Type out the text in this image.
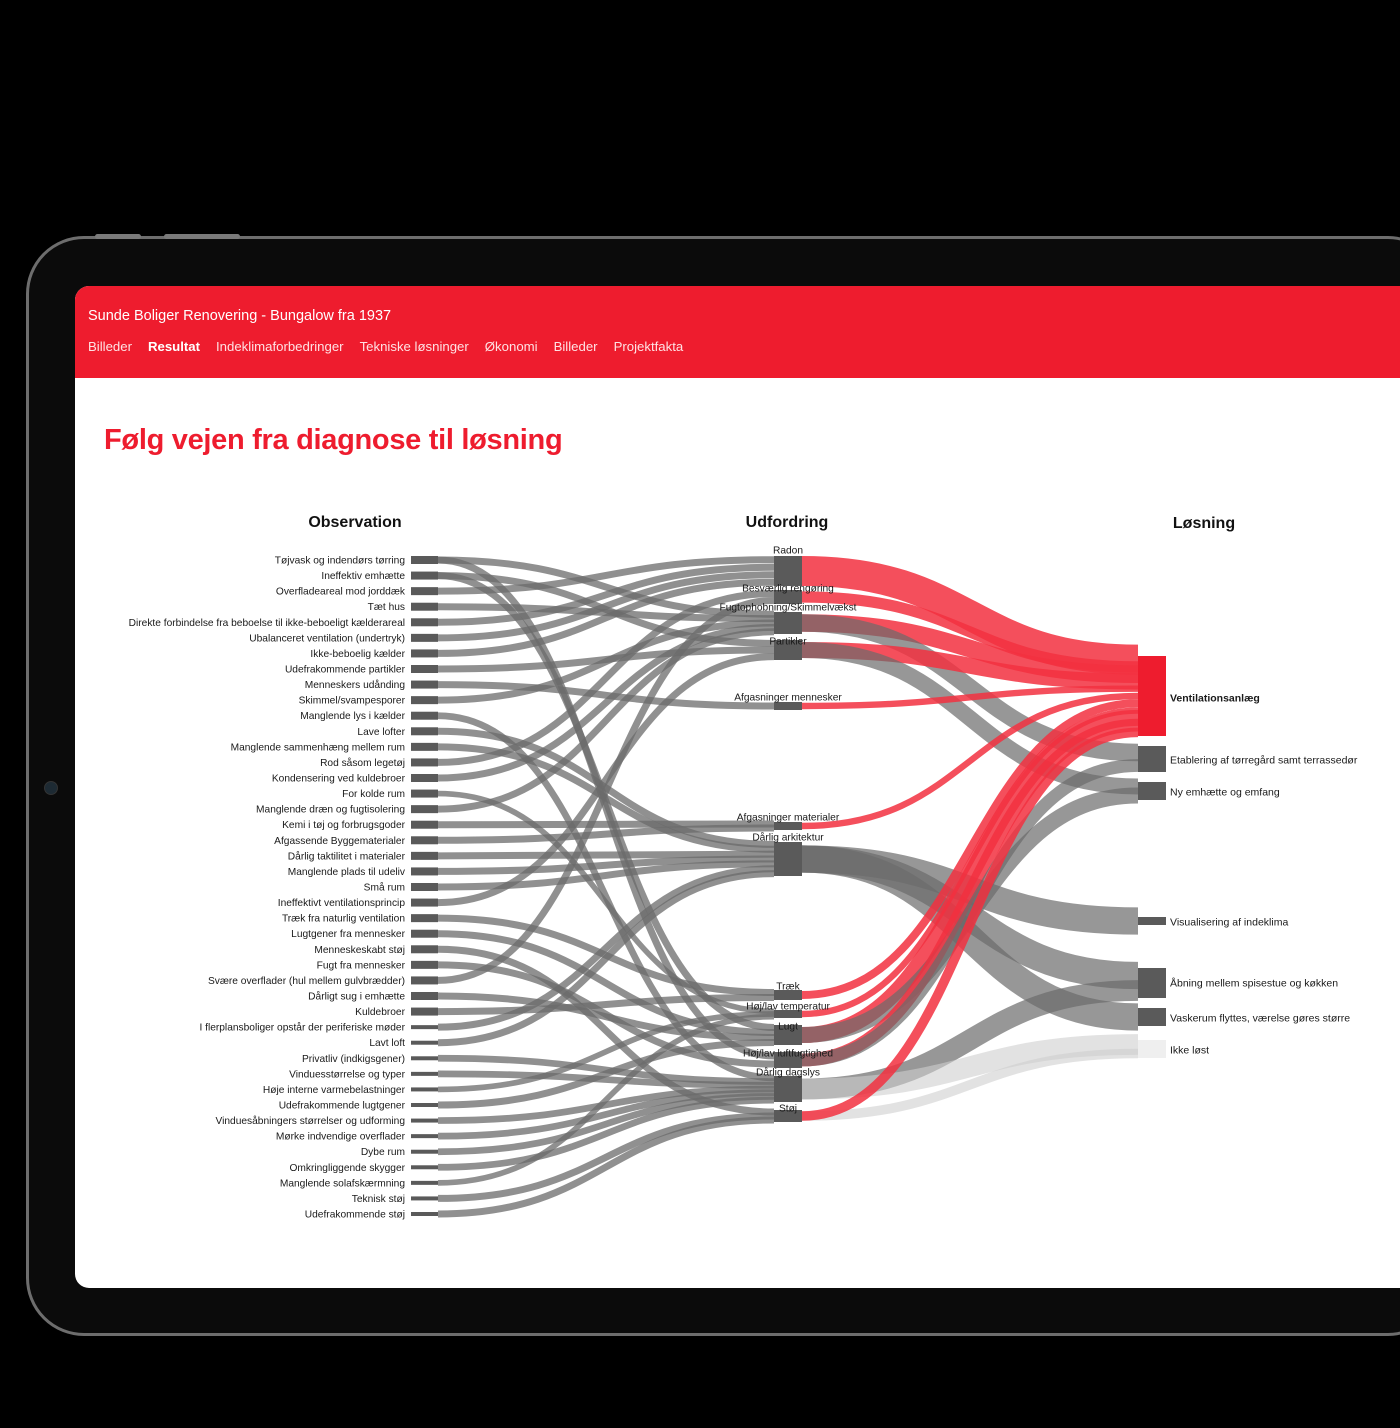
Sunde Boliger Renovering - Bungalow fra 1937
Billeder Resultat Indeklimaforbedringer Tekniske løsninger Økonomi Billeder Projektfakta
Følg vejen fra diagnose til løsning
Tøjvask og indendørs tørring
Ineffektiv emhætte
Overfladeareal mod jorddæk
Tæt hus
Direkte forbindelse fra beboelse til ikke-beboeligt kælderareal
Ubalanceret ventilation (undertryk)
Ikke-beboelig kælder
Udefrakommende partikler
Menneskers udånding
Skimmel/svampesporer
Manglende lys i kælder
Lave lofter
Manglende sammenhæng mellem rum
Rod såsom legetøj
Kondensering ved kuldebroer
For kolde rum
Manglende dræn og fugtisolering
Kemi i tøj og forbrugsgoder
Afgassende Byggematerialer
Dårlig taktilitet i materialer
Manglende plads til udeliv
Små rum
Ineffektivt ventilationsprincip
Træk fra naturlig ventilation
Lugtgener fra mennesker
Menneskeskabt støj
Fugt fra mennesker
Svære overflader (hul mellem gulvbrædder)
Dårligt sug i emhætte
Kuldebroer
I flerplansboliger opstår der periferiske møder
Lavt loft
Privatliv (indkigsgener)
Vinduesstørrelse og typer
Høje interne varmebelastninger
Udefrakommende lugtgener
Vinduesåbningers størrelser og udforming
Mørke indvendige overflader
Dybe rum
Omkringliggende skygger
Manglende solafskærmning
Teknisk støj
Udefrakommende støj
Radon
Besværlig rengøring
Fugtophobning/Skimmelvækst
Partikler
Afgasninger mennesker
Afgasninger materialer
Dårlig arkitektur
Træk
Høj/lav temperatur
Lugt
Høj/lav luftfugtighed
Dårlig dagslys
Støj
Ventilationsanlæg
Etablering af tørregård samt terrassedør
Ny emhætte og emfang
Visualisering af indeklima
Åbning mellem spisestue og køkken
Vaskerum flyttes, værelse gøres større
Ikke løst
Observation	Udfordring	Løsning
